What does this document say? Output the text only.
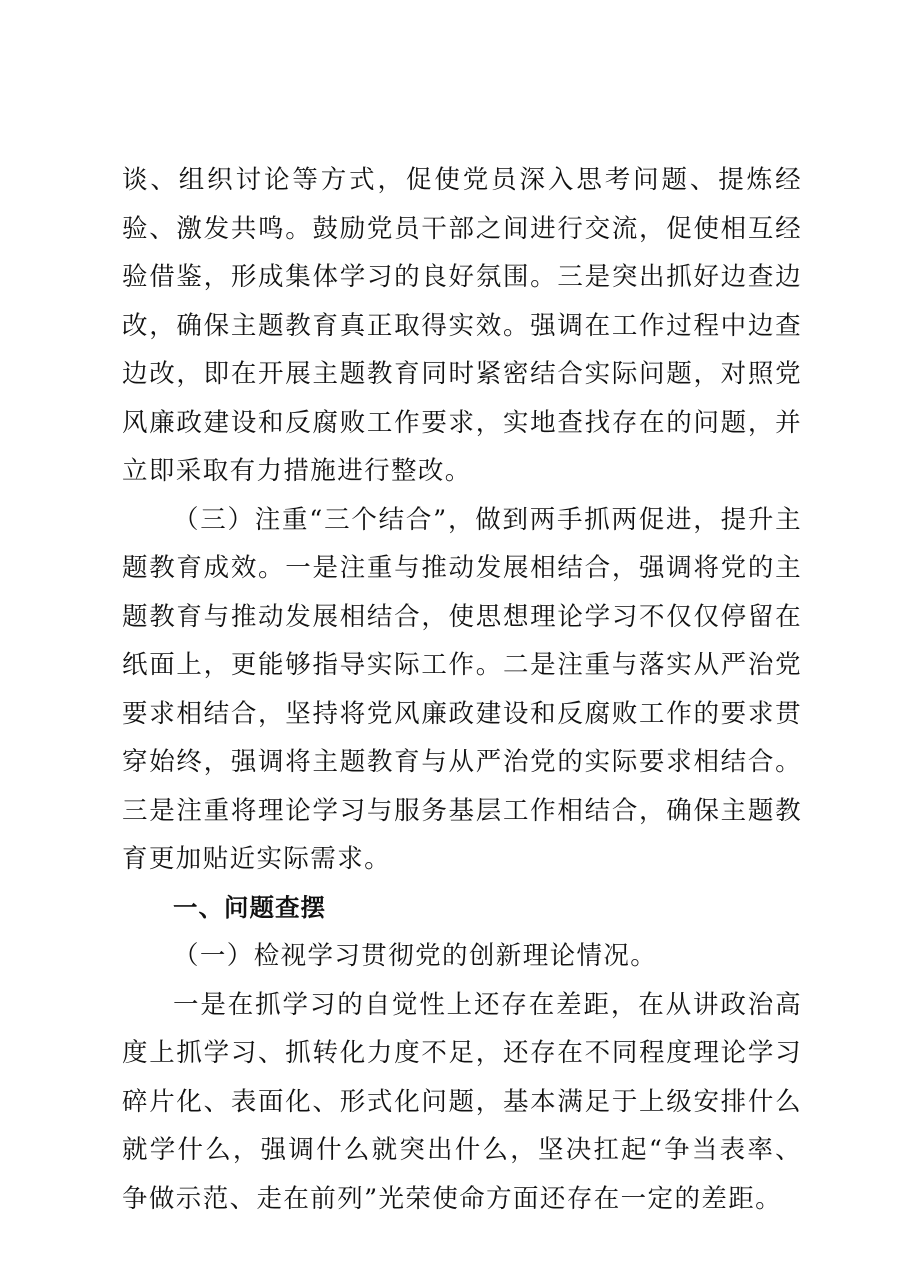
谈、组织讨论等方式，促使党员深入思考问题、提炼经验、激发共鸣。鼓励党员干部之间进行交流，促使相互经验借鉴，形成集体学习的良好氛围。三是突出抓好边查边改，确保主题教育真正取得实效。强调在工作过程中边查边改，即在开展主题教育同时紧密结合实际问题，对照党风廉政建设和反腐败工作要求，实地查找存在的问题，并立即采取有力措施进行整改。

（三）注重“三个结合”，做到两手抓两促进，提升主题教育成效。一是注重与推动发展相结合，强调将党的主题教育与推动发展相结合，使思想理论学习不仅仅停留在纸面上，更能够指导实际工作。二是注重与落实从严治党要求相结合，坚持将党风廉政建设和反腐败工作的要求贯穿始终，强调将主题教育与从严治党的实际要求相结合。三是注重将理论学习与服务基层工作相结合，确保主题教育更加贴近实际需求。

一、问题查摆

（一）检视学习贯彻党的创新理论情况。

一是在抓学习的自觉性上还存在差距，在从讲政治高度上抓学习、抓转化力度不足，还存在不同程度理论学习碎片化、表面化、形式化问题，基本满足于上级安排什么就学什么，强调什么就突出什么，坚决扛起“争当表率、争做示范、走在前列”光荣使命方面还存在一定的差距。
